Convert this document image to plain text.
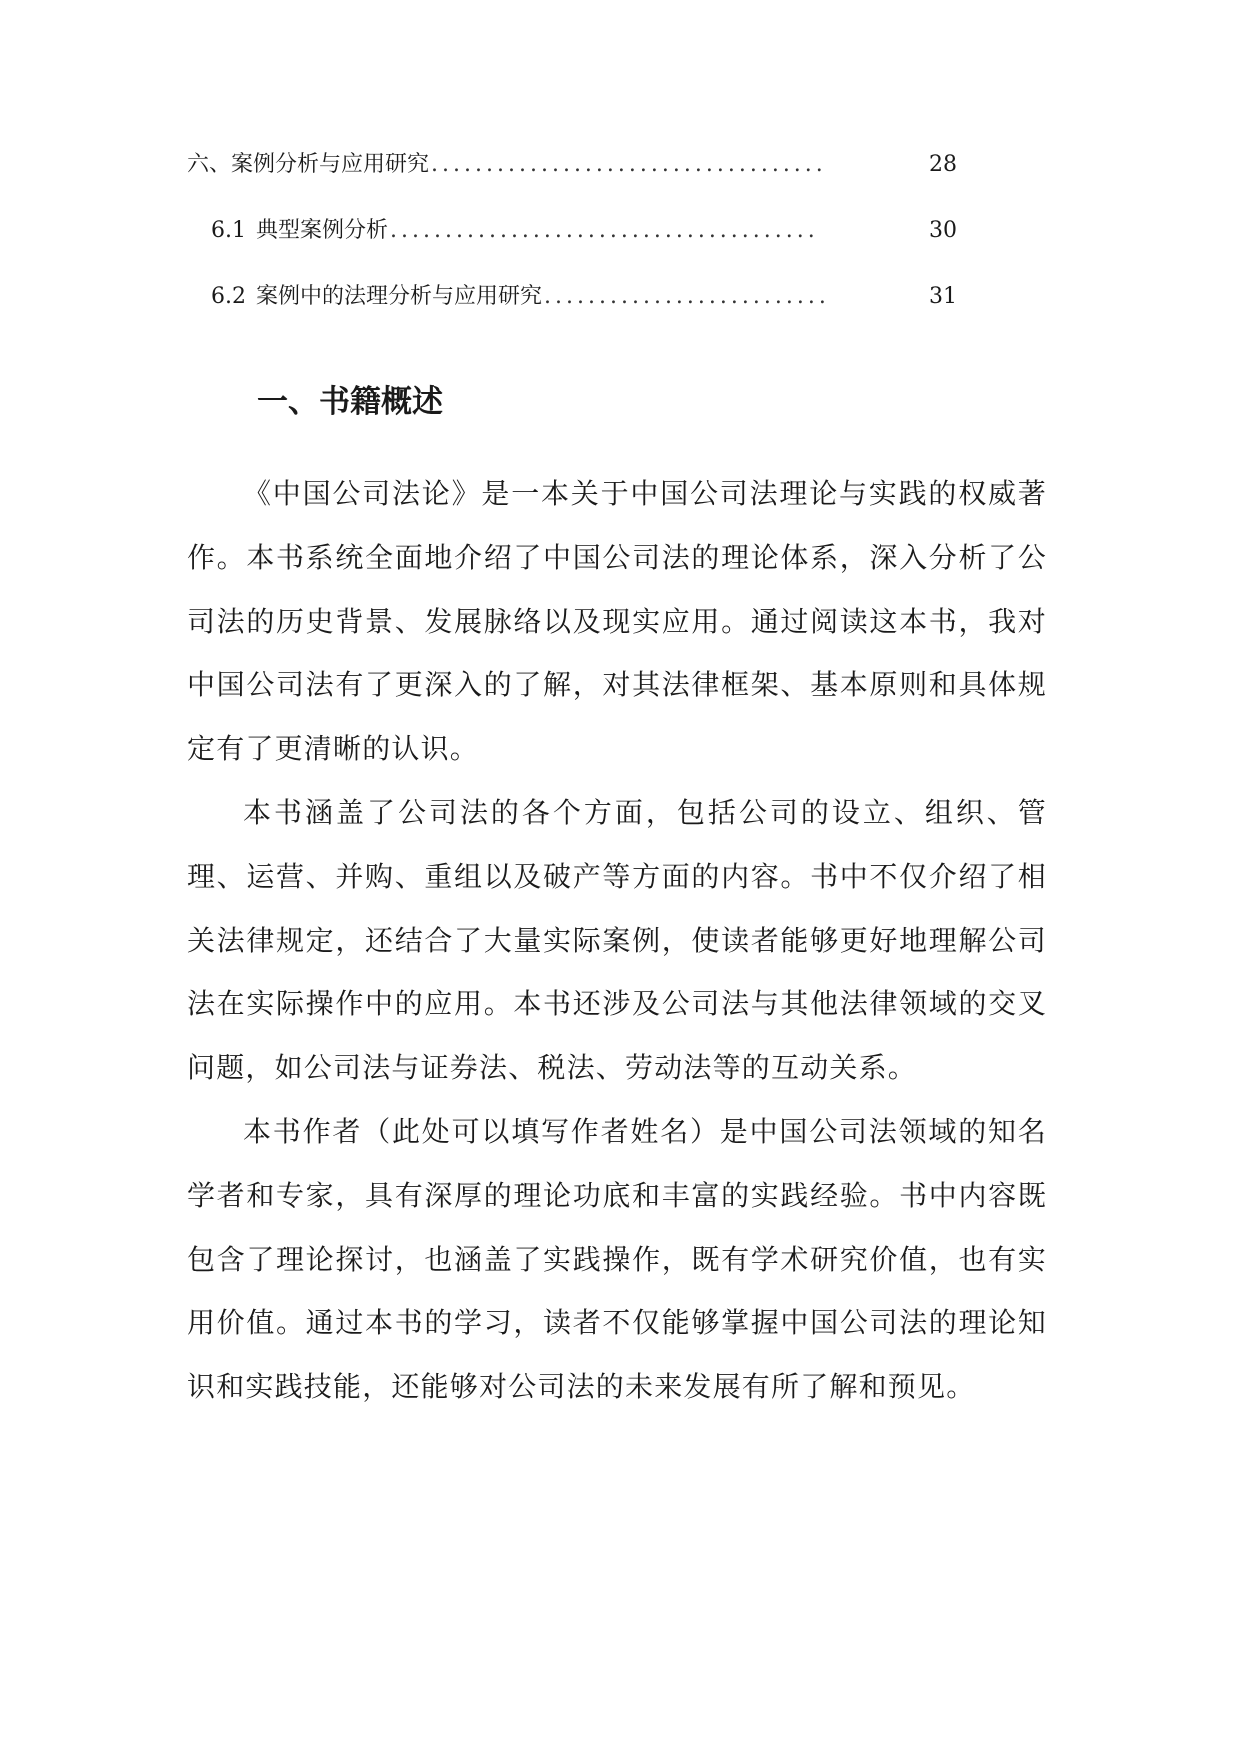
六、 案例分析与应用研究 ....................................	28
6.1 典型案例分析 .......................................	30
6.2 案例中的法理分析与应用研究 ..........................	31
一、书籍概述

《中国公司法论》是一本关于中国公司法理论与实践的权威著作。本书系统全面地介绍了中国公司法的理论体系，深入分析了公司法的历史背景、发展脉络以及现实应用。通过阅读这本书，我对中国公司法有了更深入的了解，对其法律框架、基本原则和具体规定有了更清晰的认识。

本书涵盖了公司法的各个方面，包括公司的设立、组织、管理、运营、并购、重组以及破产等方面的内容。书中不仅介绍了相关法律规定，还结合了大量实际案例，使读者能够更好地理解公司法在实际操作中的应用。本书还涉及公司法与其他法律领域的交叉问题，如公司法与证券法、税法、劳动法等的互动关系。

本书作者（此处可以填写作者姓名）是中国公司法领域的知名学者和专家，具有深厚的理论功底和丰富的实践经验。书中内容既包含了理论探讨，也涵盖了实践操作，既有学术研究价值，也有实用价值。通过本书的学习，读者不仅能够掌握中国公司法的理论知识和实践技能，还能够对公司法的未来发展有所了解和预见。
